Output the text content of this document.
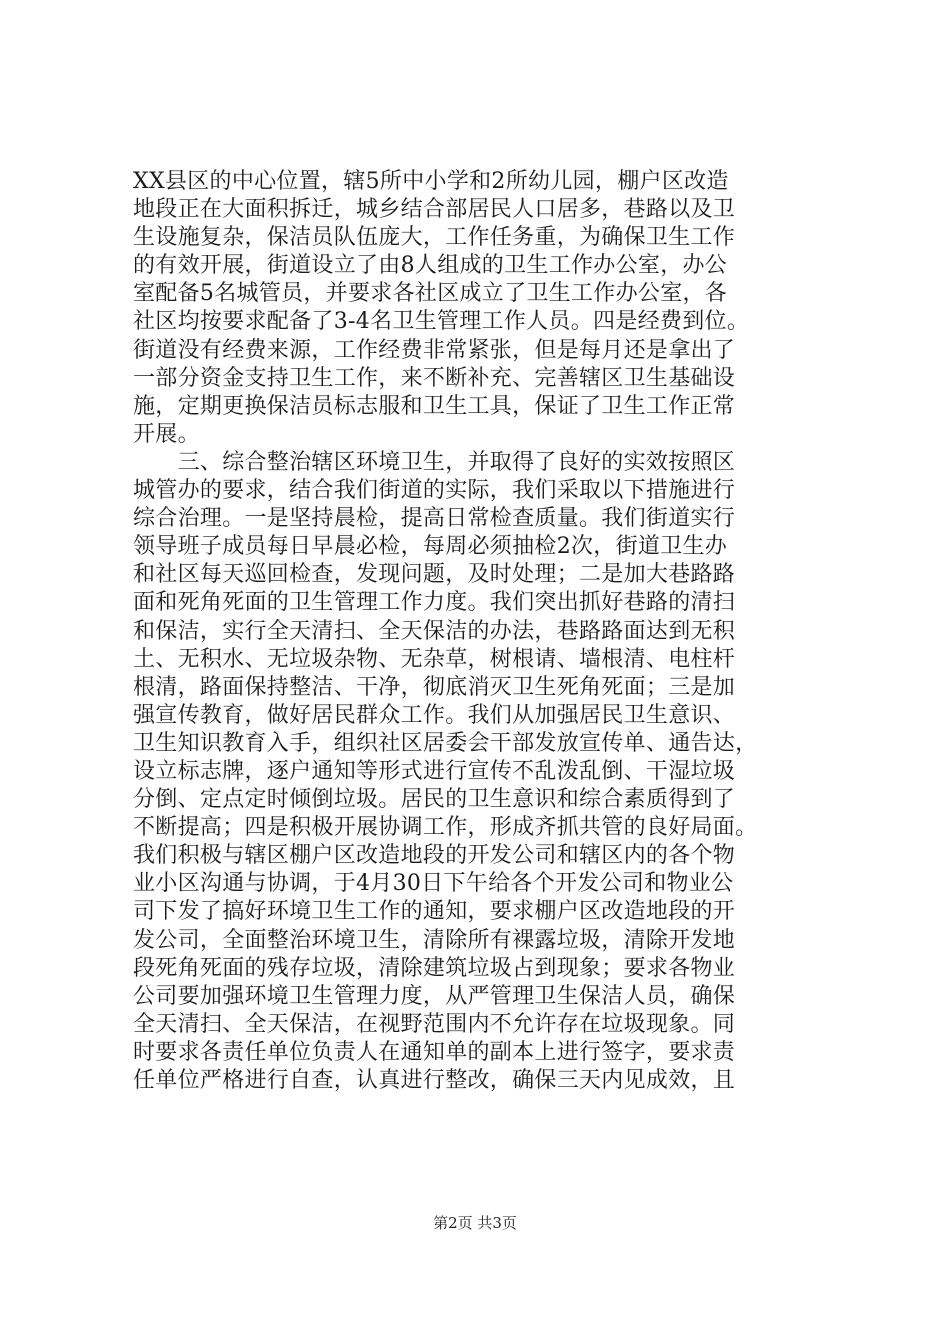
XX县区的中心位置，辖5所中小学和2所幼儿园，棚户区改造
地段正在大面积拆迁，城乡结合部居民人口居多，巷路以及卫
生设施复杂，保洁员队伍庞大，工作任务重，为确保卫生工作
的有效开展，街道设立了由8人组成的卫生工作办公室，办公
室配备5名城管员，并要求各社区成立了卫生工作办公室，各
社区均按要求配备了3-4名卫生管理工作人员。四是经费到位。
街道没有经费来源，工作经费非常紧张，但是每月还是拿出了
一部分资金支持卫生工作，来不断补充、完善辖区卫生基础设
施，定期更换保洁员标志服和卫生工具，保证了卫生工作正常
开展。
　　三、综合整治辖区环境卫生，并取得了良好的实效按照区
城管办的要求，结合我们街道的实际，我们采取以下措施进行
综合治理。一是坚持晨检，提高日常检查质量。我们街道实行
领导班子成员每日早晨必检，每周必须抽检2次，街道卫生办
和社区每天巡回检查，发现问题，及时处理；二是加大巷路路
面和死角死面的卫生管理工作力度。我们突出抓好巷路的清扫
和保洁，实行全天清扫、全天保洁的办法，巷路路面达到无积
土、无积水、无垃圾杂物、无杂草，树根请、墙根清、电柱杆
根清，路面保持整洁、干净，彻底消灭卫生死角死面；三是加
强宣传教育，做好居民群众工作。我们从加强居民卫生意识、
卫生知识教育入手，组织社区居委会干部发放宣传单、通告达，
设立标志牌，逐户通知等形式进行宣传不乱泼乱倒、干湿垃圾
分倒、定点定时倾倒垃圾。居民的卫生意识和综合素质得到了
不断提高；四是积极开展协调工作，形成齐抓共管的良好局面。
我们积极与辖区棚户区改造地段的开发公司和辖区内的各个物
业小区沟通与协调，于4月30日下午给各个开发公司和物业公
司下发了搞好环境卫生工作的通知，要求棚户区改造地段的开
发公司，全面整治环境卫生，清除所有裸露垃圾，清除开发地
段死角死面的残存垃圾，清除建筑垃圾占到现象；要求各物业
公司要加强环境卫生管理力度，从严管理卫生保洁人员，确保
全天清扫、全天保洁，在视野范围内不允许存在垃圾现象。同
时要求各责任单位负责人在通知单的副本上进行签字，要求责
任单位严格进行自查，认真进行整改，确保三天内见成效，且
第2页 共3页
